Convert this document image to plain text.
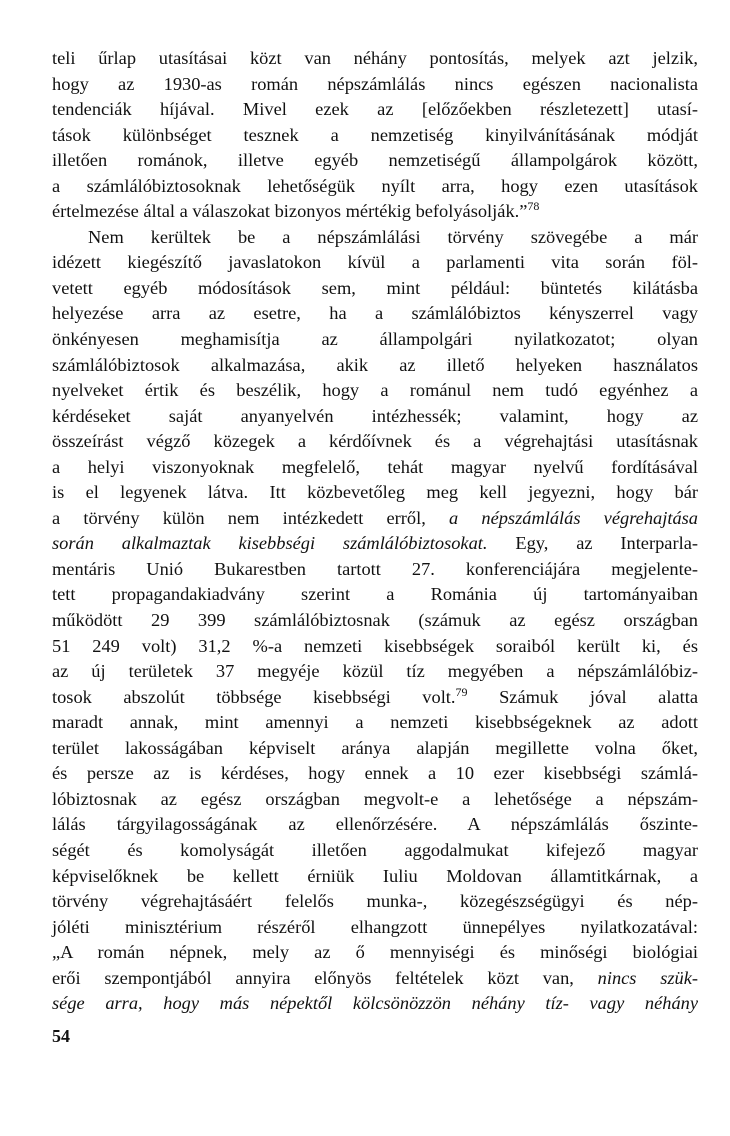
teli űrlap utasításai közt van néhány pontosítás, melyek azt jelzik,
hogy az 1930-as román népszámlálás nincs egészen nacionalista
tendenciák híjával. Mivel ezek az [előzőekben részletezett] utasí-
tások különbséget tesznek a nemzetiség kinyilvánításának módját
illetően románok, illetve egyéb nemzetiségű állampolgárok között,
a számlálóbiztosoknak lehetőségük nyílt arra, hogy ezen utasítások
értelmezése által a válaszokat bizonyos mértékig befolyásolják.”$^{78}$
Nem kerültek be a népszámlálási törvény szövegébe a már
idézett kiegészítő javaslatokon kívül a parlamenti vita során föl-
vetett egyéb módosítások sem, mint például: büntetés kilátásba
helyezése arra az esetre, ha a számlálóbiztos kényszerrel vagy
önkényesen meghamisítja az állampolgári nyilatkozatot; olyan
számlálóbiztosok alkalmazása, akik az illető helyeken használatos
nyelveket értik és beszélik, hogy a románul nem tudó egyénhez a
kérdéseket saját anyanyelvén intézhessék; valamint, hogy az
összeírást végző közegek a kérdőívnek és a végrehajtási utasításnak
a helyi viszonyoknak megfelelő, tehát magyar nyelvű fordításával
is el legyenek látva. Itt közbevetőleg meg kell jegyezni, hogy bár
a törvény külön nem intézkedett erről, a népszámlálás végrehajtása
során alkalmaztak kisebbségi számlálóbiztosokat. Egy, az Interparla-
mentáris Unió Bukarestben tartott 27. konferenciájára megjelente-
tett propagandakiadvány szerint a Románia új tartományaiban
működött 29 399 számlálóbiztosnak (számuk az egész országban
51 249 volt) 31,2 %-a nemzeti kisebbségek soraiból került ki, és
az új területek 37 megyéje közül tíz megyében a népszámlálóbiz-
tosok abszolút többsége kisebbségi volt.$^{79}$ Számuk jóval alatta
maradt annak, mint amennyi a nemzeti kisebbségeknek az adott
terület lakosságában képviselt aránya alapján megillette volna őket,
és persze az is kérdéses, hogy ennek a 10 ezer kisebbségi számlá-
lóbiztosnak az egész országban megvolt-e a lehetősége a népszám-
lálás tárgyilagosságának az ellenőrzésére. A népszámlálás őszinte-
ségét és komolyságát illetően aggodalmukat kifejező magyar
képviselőknek be kellett érniük Iuliu Moldovan államtitkárnak, a
törvény végrehajtásáért felelős munka-, közegészségügyi és nép-
jóléti minisztérium részéről elhangzott ünnepélyes nyilatkozatával:
„A román népnek, mely az ő mennyiségi és minőségi biológiai
erői szempontjából annyira előnyös feltételek közt van, nincs szük-
sége arra, hogy más népektől kölcsönözzön néhány tíz- vagy néhány
54
